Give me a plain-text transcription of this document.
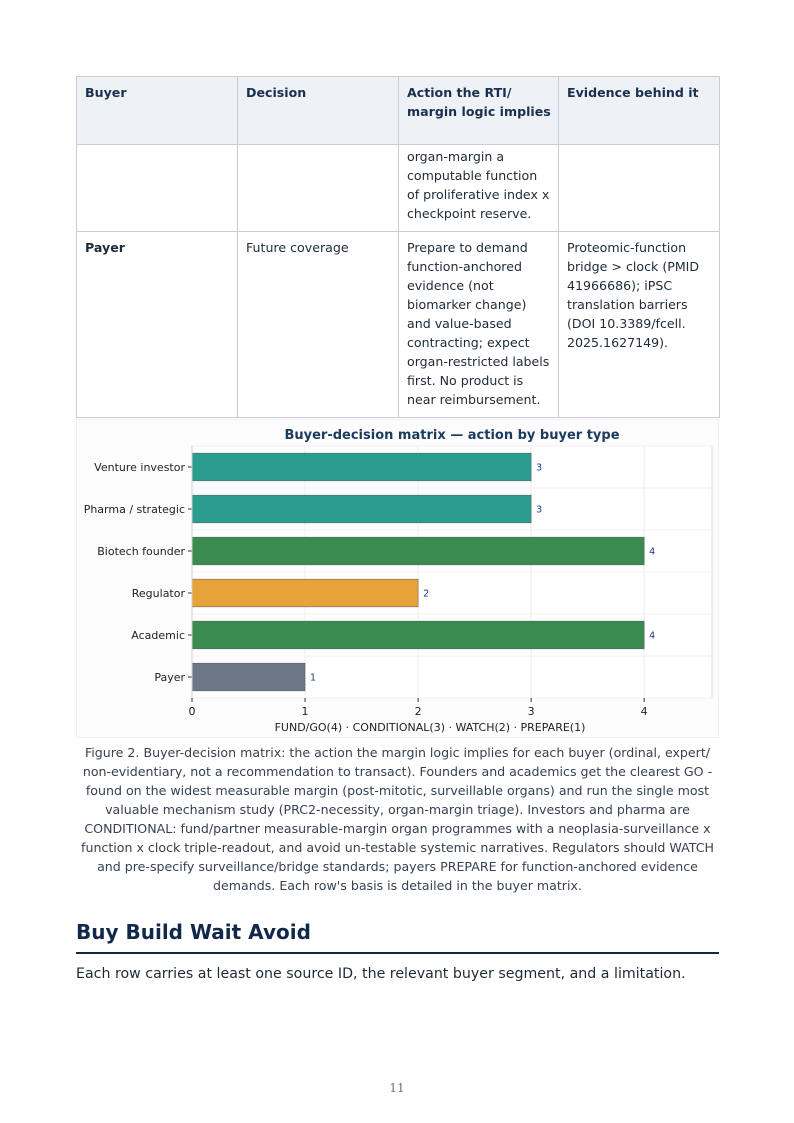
Buyer	Decision	Action the RTI/ margin logic implies	Evidence behind it
		organ-margin a computable function of proliferative index x checkpoint reserve.	
Payer	Future coverage	Prepare to demand function-anchored evidence (not biomarker change) and value-based contracting; expect organ-restricted labels first. No product is near reimbursement.	Proteomic-function bridge > clock (PMID 41966686); iPSC translation barriers (DOI 10.3389/fcell. 2025.1627149).
Buyer-decision matrix — action by buyer type
Venture investor	3
Pharma / strategic	3
Biotech founder	4
Regulator	2
Academic	4
Payer	1
0	1	2	3	4
FUND/GO(4) · CONDITIONAL(3) · WATCH(2) · PREPARE(1)

Figure 2. Buyer-decision matrix: the action the margin logic implies for each buyer (ordinal, expert/ non-evidentiary, not a recommendation to transact). Founders and academics get the clearest GO - found on the widest measurable margin (post-mitotic, surveillable organs) and run the single most valuable mechanism study (PRC2-necessity, organ-margin triage). Investors and pharma are CONDITIONAL: fund/partner measurable-margin organ programmes with a neoplasia-surveillance x function x clock triple-readout, and avoid un-testable systemic narratives. Regulators should WATCH and pre-specify surveillance/bridge standards; payers PREPARE for function-anchored evidence demands. Each row's basis is detailed in the buyer matrix.

Buy Build Wait Avoid

Each row carries at least one source ID, the relevant buyer segment, and a limitation.

11
